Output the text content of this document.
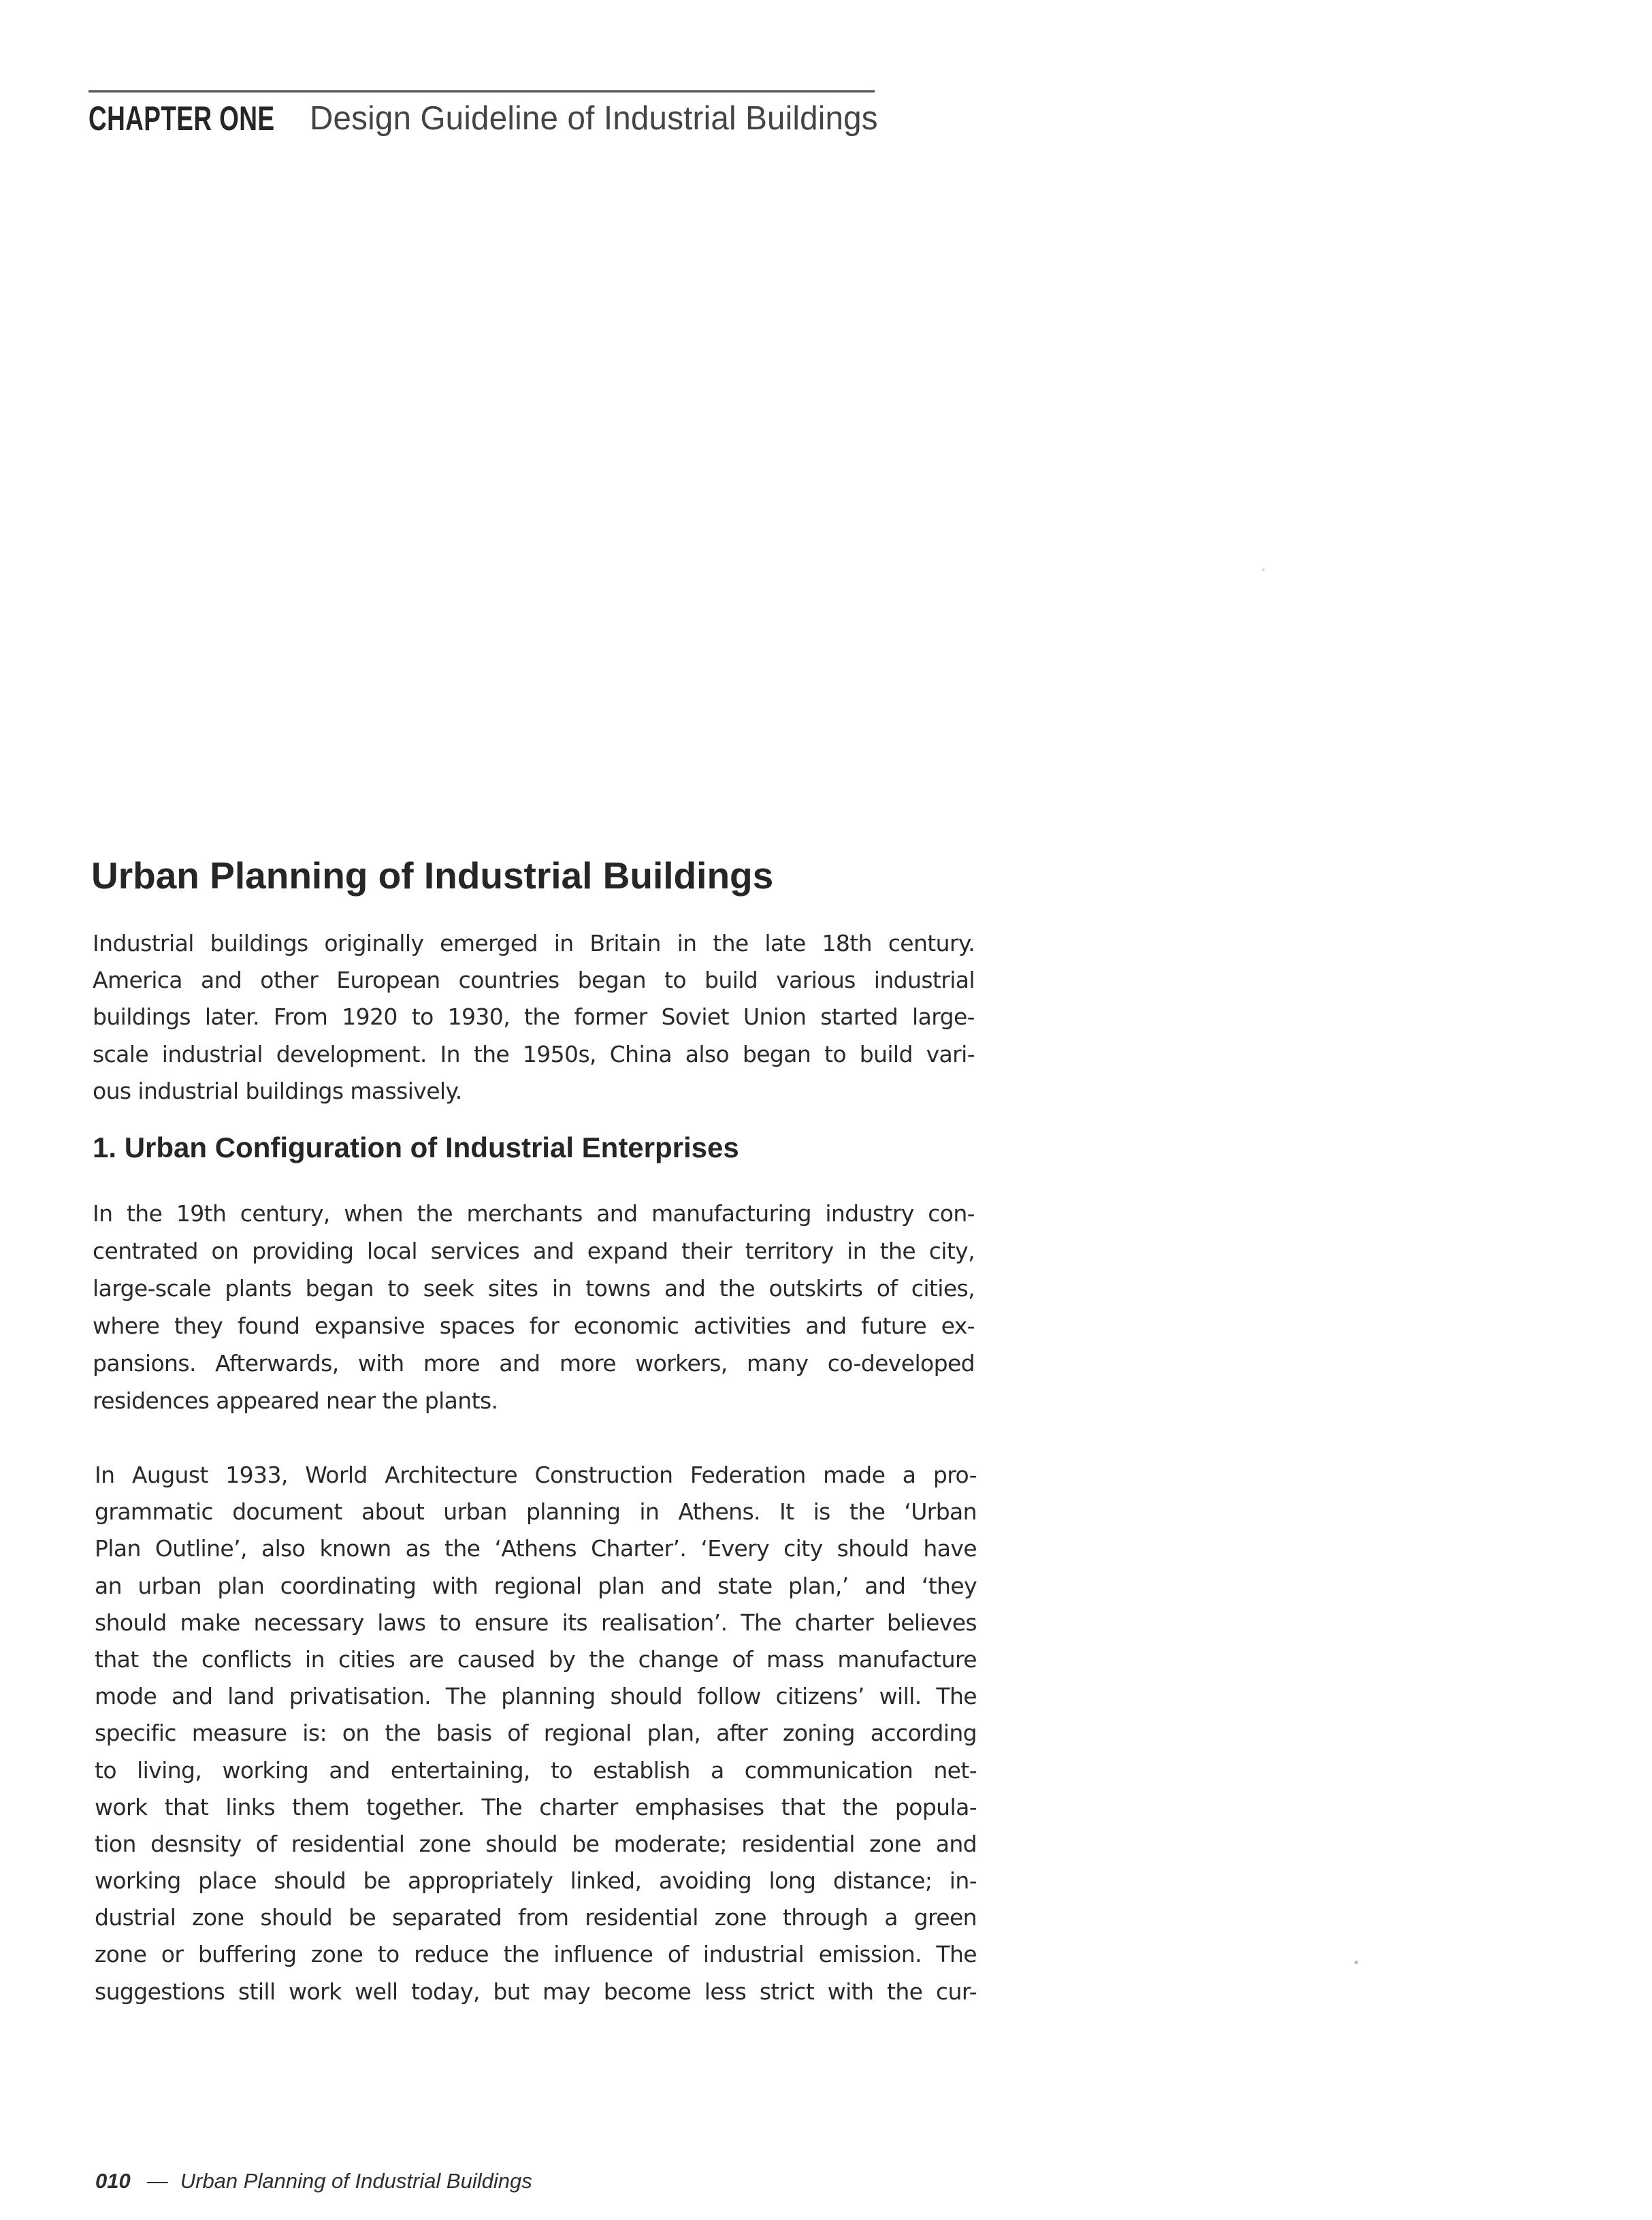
CHAPTER ONE Design Guideline of Industrial Buildings
Urban Planning of Industrial Buildings
Industrial buildings originally emerged in Britain in the late 18th century.
America and other European countries began to build various industrial
buildings later. From 1920 to 1930, the former Soviet Union started large-
scale industrial development. In the 1950s, China also began to build vari-
ous industrial buildings massively.
1. Urban Configuration of Industrial Enterprises
In the 19th century, when the merchants and manufacturing industry con-
centrated on providing local services and expand their territory in the city,
large-scale plants began to seek sites in towns and the outskirts of cities,
where they found expansive spaces for economic activities and future ex-
pansions. Afterwards, with more and more workers, many co-developed
residences appeared near the plants.
In August 1933, World Architecture Construction Federation made a pro-
grammatic document about urban planning in Athens. It is the ‘Urban
Plan Outline’, also known as the ‘Athens Charter’. ‘Every city should have
an urban plan coordinating with regional plan and state plan,’ and ‘they
should make necessary laws to ensure its realisation’. The charter believes
that the conflicts in cities are caused by the change of mass manufacture
mode and land privatisation. The planning should follow citizens’ will. The
specific measure is: on the basis of regional plan, after zoning according
to living, working and entertaining, to establish a communication net-
work that links them together. The charter emphasises that the popula-
tion desnsity of residential zone should be moderate; residential zone and
working place should be appropriately linked, avoiding long distance; in-
dustrial zone should be separated from residential zone through a green
zone or buffering zone to reduce the influence of industrial emission. The
suggestions still work well today, but may become less strict with the cur-
010 — Urban Planning of Industrial Buildings
